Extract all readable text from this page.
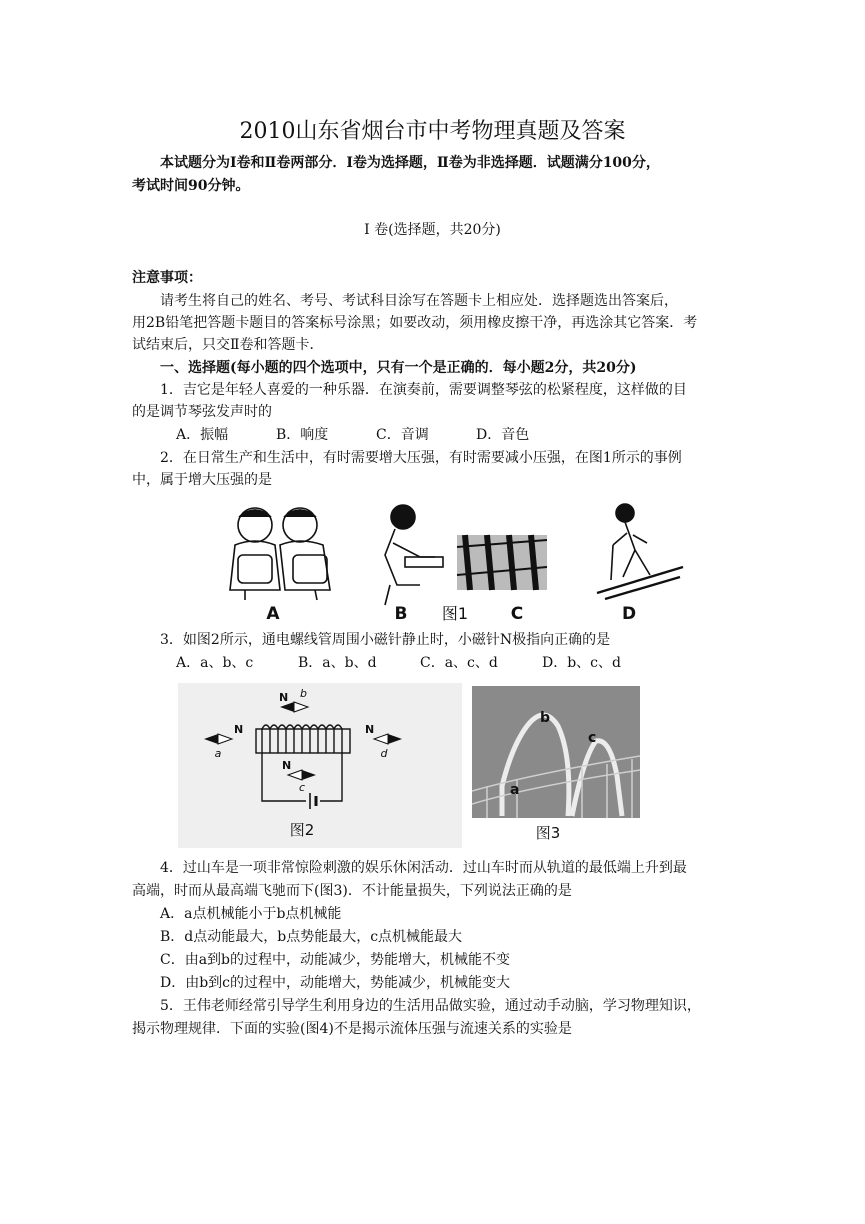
2010山东省烟台市中考物理真题及答案
本试题分为Ⅰ卷和Ⅱ卷两部分．Ⅰ卷为选择题，Ⅱ卷为非选择题．试题满分100分，
考试时间90分钟。
Ⅰ 卷(选择题，共20分)
注意事项：
请考生将自己的姓名、考号、考试科目涂写在答题卡上相应处．选择题选出答案后，
用2B铅笔把答题卡题目的答案标号涂黑；如要改动，须用橡皮擦干净，再选涂其它答案．考
试结束后，只交Ⅱ卷和答题卡．
一、选择题(每小题的四个选项中，只有一个是正确的．每小题2分，共20分)
1．吉它是年轻人喜爱的一种乐器．在演奏前，需要调整琴弦的松紧程度，这样做的目
的是调节琴弦发声时的
A．振幅	B．响度	C．音调	D．音色
2．在日常生产和生活中，有时需要增大压强，有时需要减小压强，在图1所示的事例
中，属于增大压强的是
A	B 图1	C	D
3．如图2所示，通电螺线管周围小磁针静止时，小磁针N极指向正确的是
A．a、b、c	B．a、b、d	C．a、c、d	D．b、c、d
N
a
N b
N
c
N
d
图2
a
b
c
图3
4．过山车是一项非常惊险刺激的娱乐休闲活动．过山车时而从轨道的最低端上升到最
高端，时而从最高端飞驰而下(图3)．不计能量损失，下列说法正确的是
A．a点机械能小于b点机械能
B．d点动能最大，b点势能最大，c点机械能最大
C．由a到b的过程中，动能减少，势能增大，机械能不变
D．由b到c的过程中，动能增大，势能减少，机械能变大
5．王伟老师经常引导学生利用身边的生活用品做实验，通过动手动脑，学习物理知识，
揭示物理规律．下面的实验(图4)不是揭示流体压强与流速关系的实验是
